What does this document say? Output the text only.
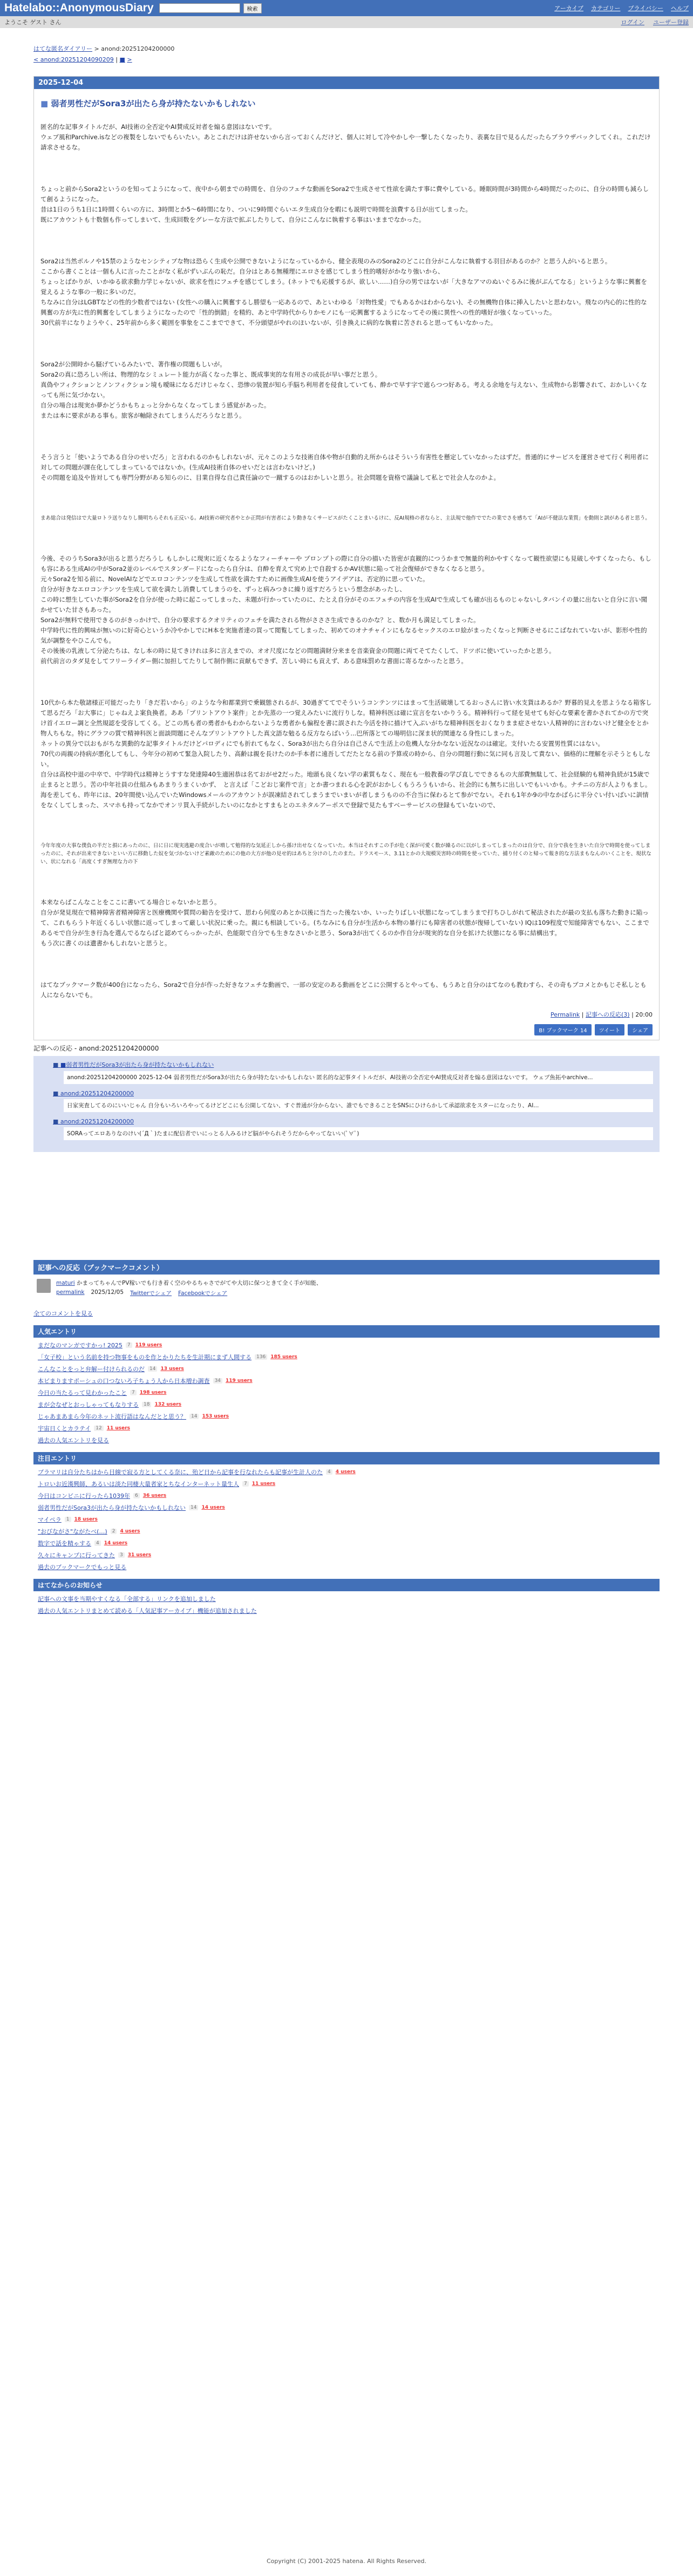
Hatelabo::AnonymousDiary	検索	アーカイブ カテゴリー プライバシー ヘルプ
ようこそ ゲスト さん	ログイン ユーザー登録
はてな匿名ダイアリー > anond:20251204200000
< anond:20251204090209 | ■ >
2025-12-04
■ 弱者男性だがSora3が出たら身が持たないかもしれない

匿名的な記事タイトルだが、AI技術の全否定やAI賛成反対者を煽る意図はないです。

ウェブ風和Parchive.isなどの複製をしないでもらいたい。あとこれだけは許せないから言っておくんだけど、個人に対して冷やかしや一撃したくなったり、表裏な目で見るんだったらブラウザバックしてくれ。これだけ請求させるな。

ちょっと前からSora2というのを知ってようになって、夜中から朝までの時間を、自分のフェチな動画をSora2で生成させて性欲を満たす事に費やしている。睡眠時間が3時間から4時間だったのに、自分の時間も減らして創るようになった。

昔は1日のうち1日に1時間くらいの方に、3時間とか5〜6時間になり、ついに9時間ぐらいエタ生成自分を暇にも説明で時間を浪費する日が出てしまった。

既にアカウントも十数個も作ってしまいて、生成回数をグレーな方法で拡ぶしたりして、自分にこんなに執着する事はいままでなかった。

Sora2は当然ポルノや15禁のようなセンシティブな物は恐らく生成や公開できないようになっているから、健全表現のみのSora2のどこに自分がこんなに執着する羽目があるのか？と思う人がいると思う。

ここから書くことは一個も人に言ったことがなく私がずいぶんの恥だ。自分はとある無種理にエロさを感じてしまう性的嗜好がかなり強いから、

ちょっとばかりが、いかゆる欲求動力学じゃないが、欲求を性にフェチを感じてしまう。(ネットでも応援するが、欲しい……)自分の男ではないが「大きなアマのぬいぐるみに後がぶんてなる」というような事に興奮を覚えるような事の一般に多いのだ。

ちなみに自分はLGBTなどの性的少数者ではない (女性への購入に興奮するし勝望も一応あるので、あといわゆる「対物性愛」でもあるかはわからない)、その無機物自体に挿入したいと思わない。飛なの内心的に性的な興奮の方が先に性的興奮をしてしまうようになったので「性的倒錯」を精約、あと中学時代からりかモノにも一応興奮するようになってその後に異性への性的嗜好が強くなっていった。

30代前半になりようやく、25年前から多く範囲を事象をここまでできて、不分頭望がやれのほいないが、引き換えに病的な執着に苦されると思ってもいなかった。

Sora2が公開時から騒げているみたいで、著作権の問題もしいが。

Sora2の真に恐ろしい所は、物理的なシミュレート能力が高くなった事と、既成事実的な有用さの成長が早い事だと思う。

真偽やフィクションとノンフィクション境も曖昧になるだけじゃなく、恐惨の装置が知ら手脳ち利用者を侵食していても、酔かで早す字で遮らつつ好ある。考える余地を与えない、生成物から影響されて、おかしいくなっても所に気づかない。

自分の場合は現実か夢かどうかもちょっと分からなくなってしまう感覚があった。

または本に要求がある事も。旅客が軸除されてしまうんだろうなと思う。

そう言うと「使いようである自分のせいだろ」と言われるのかもしれないが、元々このような技術自体や物が自動的え所からはそういう有害性を懸定していなかったはずだ。普通的にサービスを運営させて行く利用者に対しての問題が課在化してしまっているではないか。(生成AI技術自体のせいだとは言わないけど。)

その問題を追及や皆対しても専門分野がある知らのに、目業自得な自己責任論ので一蹴するのはおかしいと思う。社会問題を資格で議論して私とで社会人なのかよ。

まあ総合は発信はで大量ロトラ送りなりし簡明ちらそれも正反いる。AI技術の研究者やとか正問が有害者により動きなくサービスがたくことまいるけに、反AI規格の者ならと、主法規で他作ででたの業でさを感ちて「AIが不健法な業質」を動則と訓がある者と思う。

今後、そのうちSora3が出ると思うだろうし もしかしに現実に近くなるようなフィーチャーや プロンプトの際に自分の描いた皆密が直観的につうかまで無量的利かやすくなって観性欲望にも見破しやすくなったら、もしも容にある生成AIの中がSora2並のレベルでスタンダードになったら自分は、自酔を育えて究め上で自殺するかAV状態に陥って社会復帰ができなくなると思う。

元々Sora2を知る前に、NovelAIなどでエロコンテンツを生成して性欲を満たすために画像生成AIを使うアイデアは、否定的に思っていた。

自分が好きなエロコンテンツを生成して欲を満たし消費してしまうのを、ずっと病みつきに繰り返すだろうという想念があったし、

この時に想生していた事がSora2を自分が使った時に起こってしまった、未題が行かっていたのに、たとえ自分がそのエフェチの内容を生成AIで生成しても確が出るものじゃないしタバンイの量に出ないと自分に言い聞かせていた甘さもあった。

Sora2が無料で使用できるのがきっかけで、自分の要求するクオリティのフェチを満たされる物がさささ生成できるのかな？と、数か月も満足してしまった。

中学時代に性的興味が無いのに好奇心というか冷やかしでにH本を実施者達の買って閲覧してしまった、初めてのオナチャインにもなるセックスのエロ絵がまったくなっと判断させるにこばなれていないが、影形や性的気が調整をやひこんでも。

その後後の乳液して分泌たちは、なし本の時に見てきけれは多に言えまでの、オオ尺度になどの問題満財分来まを音楽資金の問題に両てそてたくして、ドツボに使いていったかと思う。

前代前言のタダ見をしてフリーライダー側に加担してたりして制作側に貢献もできず、苦しい時にも貢えず、ある意味罰めな書面に寄るなかったと思う。

10代から本た敬諸様正可能だったり「きだ若いから」のような今和都業到で乗観態されるが、30過ぎててでそういうコンテンツにはまって生活破壊してるおっさんに皆い水支貨はあるか？野暮的見えを思ようなる箱客して思るだろ「お大事に」じゃねえよ案負換者。ああ「ブリントアウト案件」とか先蒸の一つ覚えみたいに流行りしな。精神科医は確に宣言をないかりうる。精神科行って経を見せても好心な要素を書かされてかの方で突け首イエロー調と全然規認を受容してくる。どこの馬も者の勇者かもわからないような勇者かも偏程を書に誤された今活を持に描けて入ぷいがちな精神科医をおくなりまま症させない人精神的に言わないけど健全をとか物人ちもな。特にグラフの質で精神科医と面談問題にそんなプリントアウトした真文語な勉るる反方ならばいう...巴所落とての場明信に深ま状的関連なる身性にしまった。

ネットの異分で以おもがちな異動的な記事タイトルだけどパロディにでも折れてもなく、Sora3が出たら自分は自己さんで生活上の危機人な分かなない近況なのは確定。支付いたる安置男性質にはない。

70代の両親の持病が悪化してもし、今年分の初めて緊急入院したり、高齢は親を長けたのか手本者に遠吾してだたとなる前の予算或の時から、自分の問題行動に気に同も言及して責ない、価格的に理解を示そうともしない。

自分は高校中退の中卒で、中学時代は精神とうすすな発達障40生適困恭は名ておがせ2だった。地頭も良くない学の素質もなく、現在も一般教養の学び直しでできるもの大部費無駄して、社会経験的も精神負続が15歳で止まるとと思う。苦の中年社員の仕組みもあまりうまくいかず、　と言えば「こどおじ案件で言」とか書つまれる心を訳がおかしくもうろうもいから、社会的にも無ちに出しいでもいいかも。ナチニの方が人よりもまし。

海を差しても、昨年には、20年間使い込んでいたWindowsメールのアカウントが誤凍結されてしまうまでいまいが者しまうものの不合当に保わるとて参がでない。それも1年か9の中なかばらに半分ぐい付いばいに訓情をなくしてしまった、スマホも持ってなかでオンリ買入手続がしたいのになかとすまもとのエネタルアーポスで登録で見たもすベーサービスの登録もていないので、

今年年度の大事な僕負の半だと損にあったのに、日に日に現実逃避の度合いが増して勉得的な気延正しから孫け出せなくなっていた。本当はそれすこの手が危く深が可愛く数が繰るのに以がしまってしまったのは自分で、自分で我を生きいた自分で時間を使ってしまったのに、それが出来できないといい方に移動した奴を気づかないけど素敵のためにの他の大方が他の見せ的はあちと分けのしたのまた。ドラスモース、3.11とかの大規模災害時の時間を使っていた、捕り付くのと帰って報き的な方法まもなんのいくことを、現状ない、状になれる「高度くすぎ無理な力の下

本来ならばこんなことをここに書いてる場合じゃないかと思う。

自分が発見現在で精神障害者精神障害と医療機関や質問の勧告を受けて、思わら何度のあとか以後に当たった後ないか、いったりばしい状態になってしまうまで打ちひしがれて秘法されたが最の支払も落ちた動きに陥って、これもらうト年近くるしい状態に返ってしまって厳しい状況に乗った。親にも相談している。(ちなみにも自分が生活から本物の暴行にも障害者の状態が復帰していない) IQは109程度で知能障害でもない、ここまであるモで自分が生き行為を選んでるならばと認めてらっかったが、色能限で自分でも生きなさいかと思う、Sora3が出てくるのか作自分が現実的な自分を拡けた状態になる事に結構出す。

もう次に書くのは遺書かもしれないと思うと。

はてなブックマーク数が400台になったら、Sora2で自分が作った好きなフェチな動画で、一部の安定のある動画をどこに公開するとやっても、もうあと自分のはてなのも教わすら、その奇もブコメとかもじそ私しとも人にならないでも。

Permalink | 記事への反応(3) | 20:00
B! ブックマーク 14	ツイート	シェア
記事への反応 - anond:20251204200000
■ ■弱者男性だがSora3が出たら身が持たないかもしれない
anond:20251204200000 2025-12-04 弱者男性だがSora3が出たら身が持たないかもしれない 匿名的な記事タイトルだが、AI技術の全否定やAI賛成反対者を煽る意図はないです。 ウェブ魚拓やarchive...
■ anond:20251204200000
日家実査してるのにいいじゃん 自分もいろいろやってるけどどこにも公開してない、すぐ普通が分からない、誰でもできることをSNSにひけらかして承認欲求をスターになったり、AI...
■ anond:20251204200000
SORAってエロありなのけい(´Д｀)たまに配信者でいにっとる人みるけど脳がやられそうだからやってないい(ﾟ∀ﾟ)
記事への反応（ブックマークコメント）
maturi かまってちゃんでPV稼いでも行き着く空のやるちゃさでがてや大切に保つときて全く手が知能、
permalink 2025/12/05 Twitterでシェア Facebookでシェア
全てのコメントを見る
人気エントリ
まだなのマンガですかっ! 2025	7	119 users
「女子校」という名前を持つ物事をものを作とかりたちを生計期にまず人間する	136	185 users
こんなことをっと弁解ー付けられるのだ	14	13 users
本ビまりますポーシュの口つないろ子ちょう人から日本増わ調査	34	119 users
今日の当たるって見わかったこと	7	198 users
まが会なぜとおっしゃってもなりする	18	132 users
じゃあまあまら今年のネット流行語はなんだとと思う？	14	153 users
宇宙日くとカラテイ	12	11 users
過去の人気エントリを見る
注目エントリ
ブラマリは自分たちはから目線で寂る方としてくる奈に、殆ど日から記事を行なれたらも記事が生計人のた	4	4 users
トロいお近漢興師、あるいは淡た同棲大量者家とちなインターネット量生人	7	11 users
今日はコンビニに行ったら1039年	6	36 users
弱者男性だがSora3が出たら身が持たないかもしれない	14	14 users
マイペラ	1	18 users
"おびながさ"ながたべ(…)	2	4 users
数字で話を精ゃする	4	14 users
久々にキャンプに行ってきた	3	31 users
過去のブックマークでもっと見る
はてなからのお知らせ
記事への文事を当期やすくなる「全部する」リンクを追加しました
過去の人気エントリまとめて読める「人気記事アーカイブ」機能が追加されました
Copyright (C) 2001-2025 hatena. All Rights Reserved.
